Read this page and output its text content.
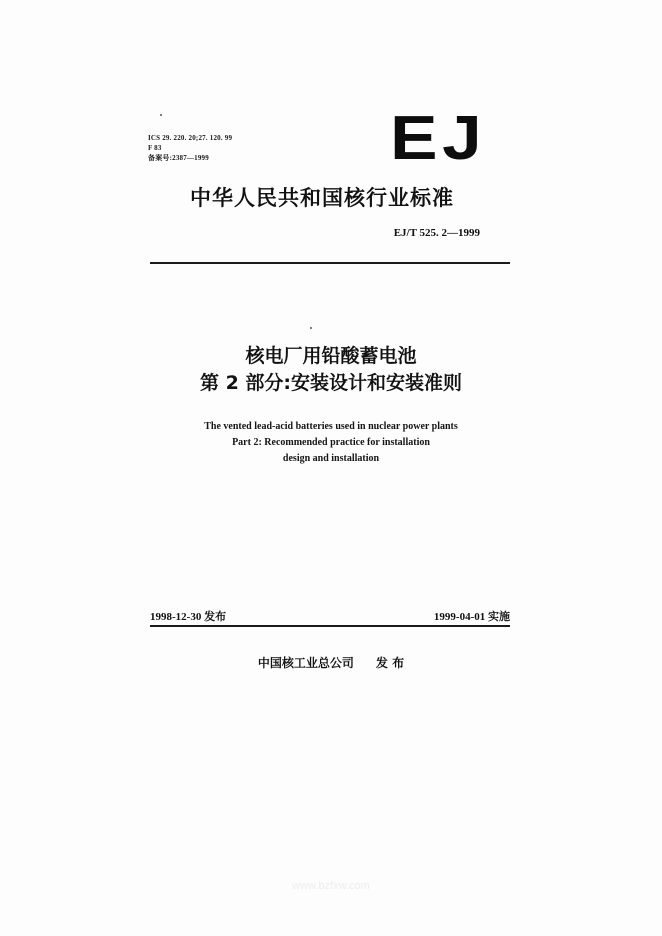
ICS 29. 220. 20;27. 120. 99
F 83
备案号:2387—1999	EJ
中华人民共和国核行业标准
EJ/T 525. 2—1999
核电厂用铅酸蓄电池
第 2 部分:安装设计和安装准则
The vented lead-acid batteries used in nuclear power plants
Part 2: Recommended practice for installation
design and installation
1998-12-30 发布	1999-04-01 实施
中国核工业总公司 发 布
www.bzfxw.com
